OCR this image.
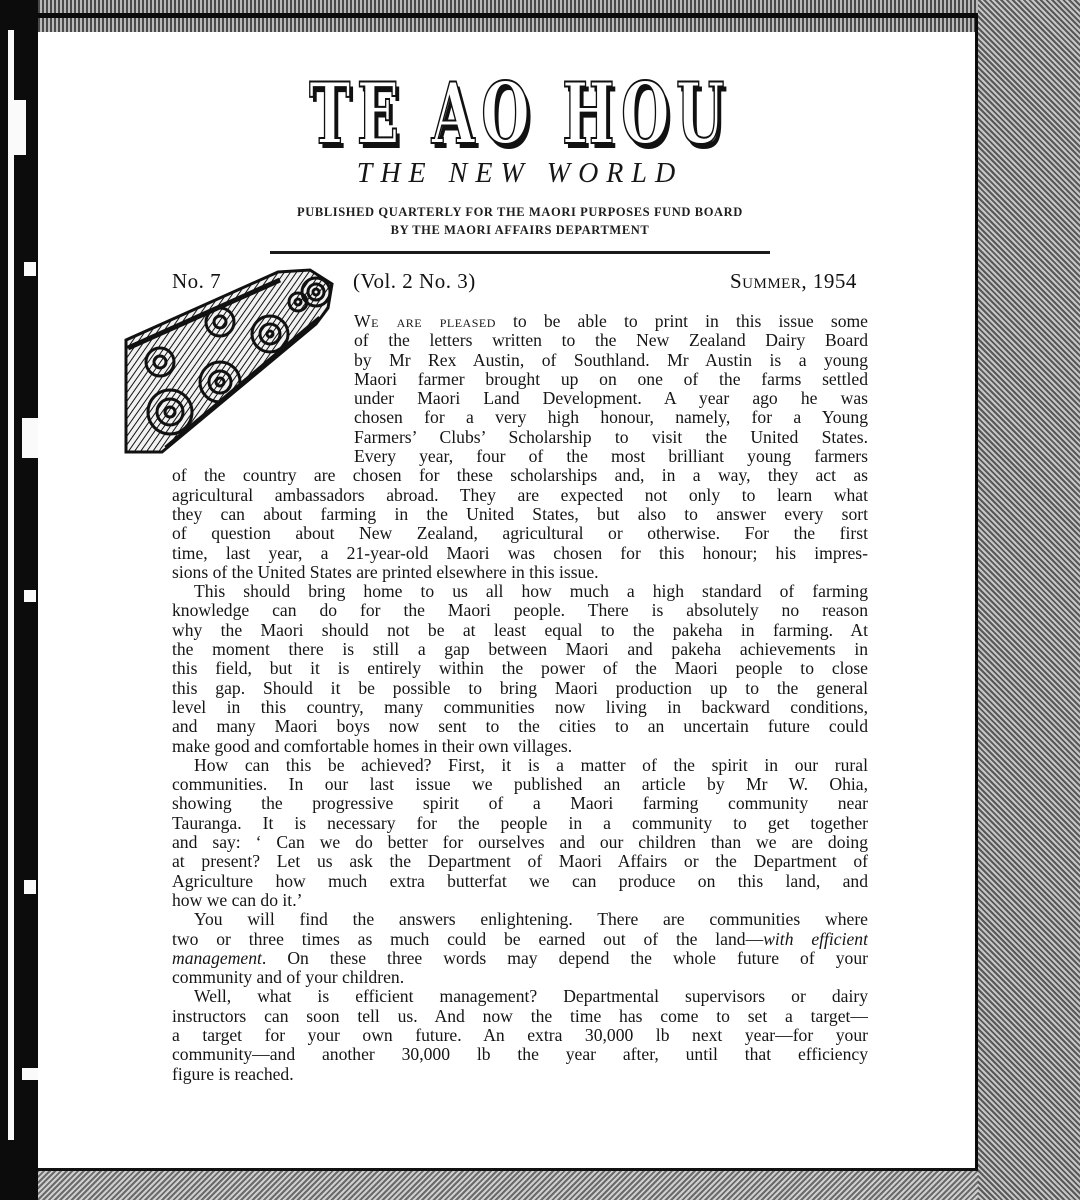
TE AO HOU
THE NEW WORLD
PUBLISHED QUARTERLY FOR THE MAORI PURPOSES FUND BOARD
BY THE MAORI AFFAIRS DEPARTMENT
No. 7	(Vol. 2 No. 3)	Summer, 1954
We are pleased to be able to print in this issue some
of the letters written to the New Zealand Dairy Board
by Mr Rex Austin, of Southland. Mr Austin is a young
Maori farmer brought up on one of the farms settled
under Maori Land Development. A year ago he was
chosen for a very high honour, namely, for a Young
Farmers’ Clubs’ Scholarship to visit the United States.
Every year, four of the most brilliant young farmers
of the country are chosen for these scholarships and, in a way, they act as
agricultural ambassadors abroad. They are expected not only to learn what
they can about farming in the United States, but also to answer every sort
of question about New Zealand, agricultural or otherwise. For the first
time, last year, a 21-year-old Maori was chosen for this honour; his impres-
sions of the United States are printed elsewhere in this issue.
This should bring home to us all how much a high standard of farming
knowledge can do for the Maori people. There is absolutely no reason
why the Maori should not be at least equal to the pakeha in farming. At
the moment there is still a gap between Maori and pakeha achievements in
this field, but it is entirely within the power of the Maori people to close
this gap. Should it be possible to bring Maori production up to the general
level in this country, many communities now living in backward conditions,
and many Maori boys now sent to the cities to an uncertain future could
make good and comfortable homes in their own villages.
How can this be achieved? First, it is a matter of the spirit in our rural
communities. In our last issue we published an article by Mr W. Ohia,
showing the progressive spirit of a Maori farming community near
Tauranga. It is necessary for the people in a community to get together
and say: ‘ Can we do better for ourselves and our children than we are doing
at present? Let us ask the Department of Maori Affairs or the Department of
Agriculture how much extra butterfat we can produce on this land, and
how we can do it.’
You will find the answers enlightening. There are communities where
two or three times as much could be earned out of the land—with efficient
management. On these three words may depend the whole future of your
community and of your children.
Well, what is efficient management? Departmental supervisors or dairy
instructors can soon tell us. And now the time has come to set a target—
a target for your own future. An extra 30,000 lb next year—for your
community—and another 30,000 lb the year after, until that efficiency
figure is reached.
